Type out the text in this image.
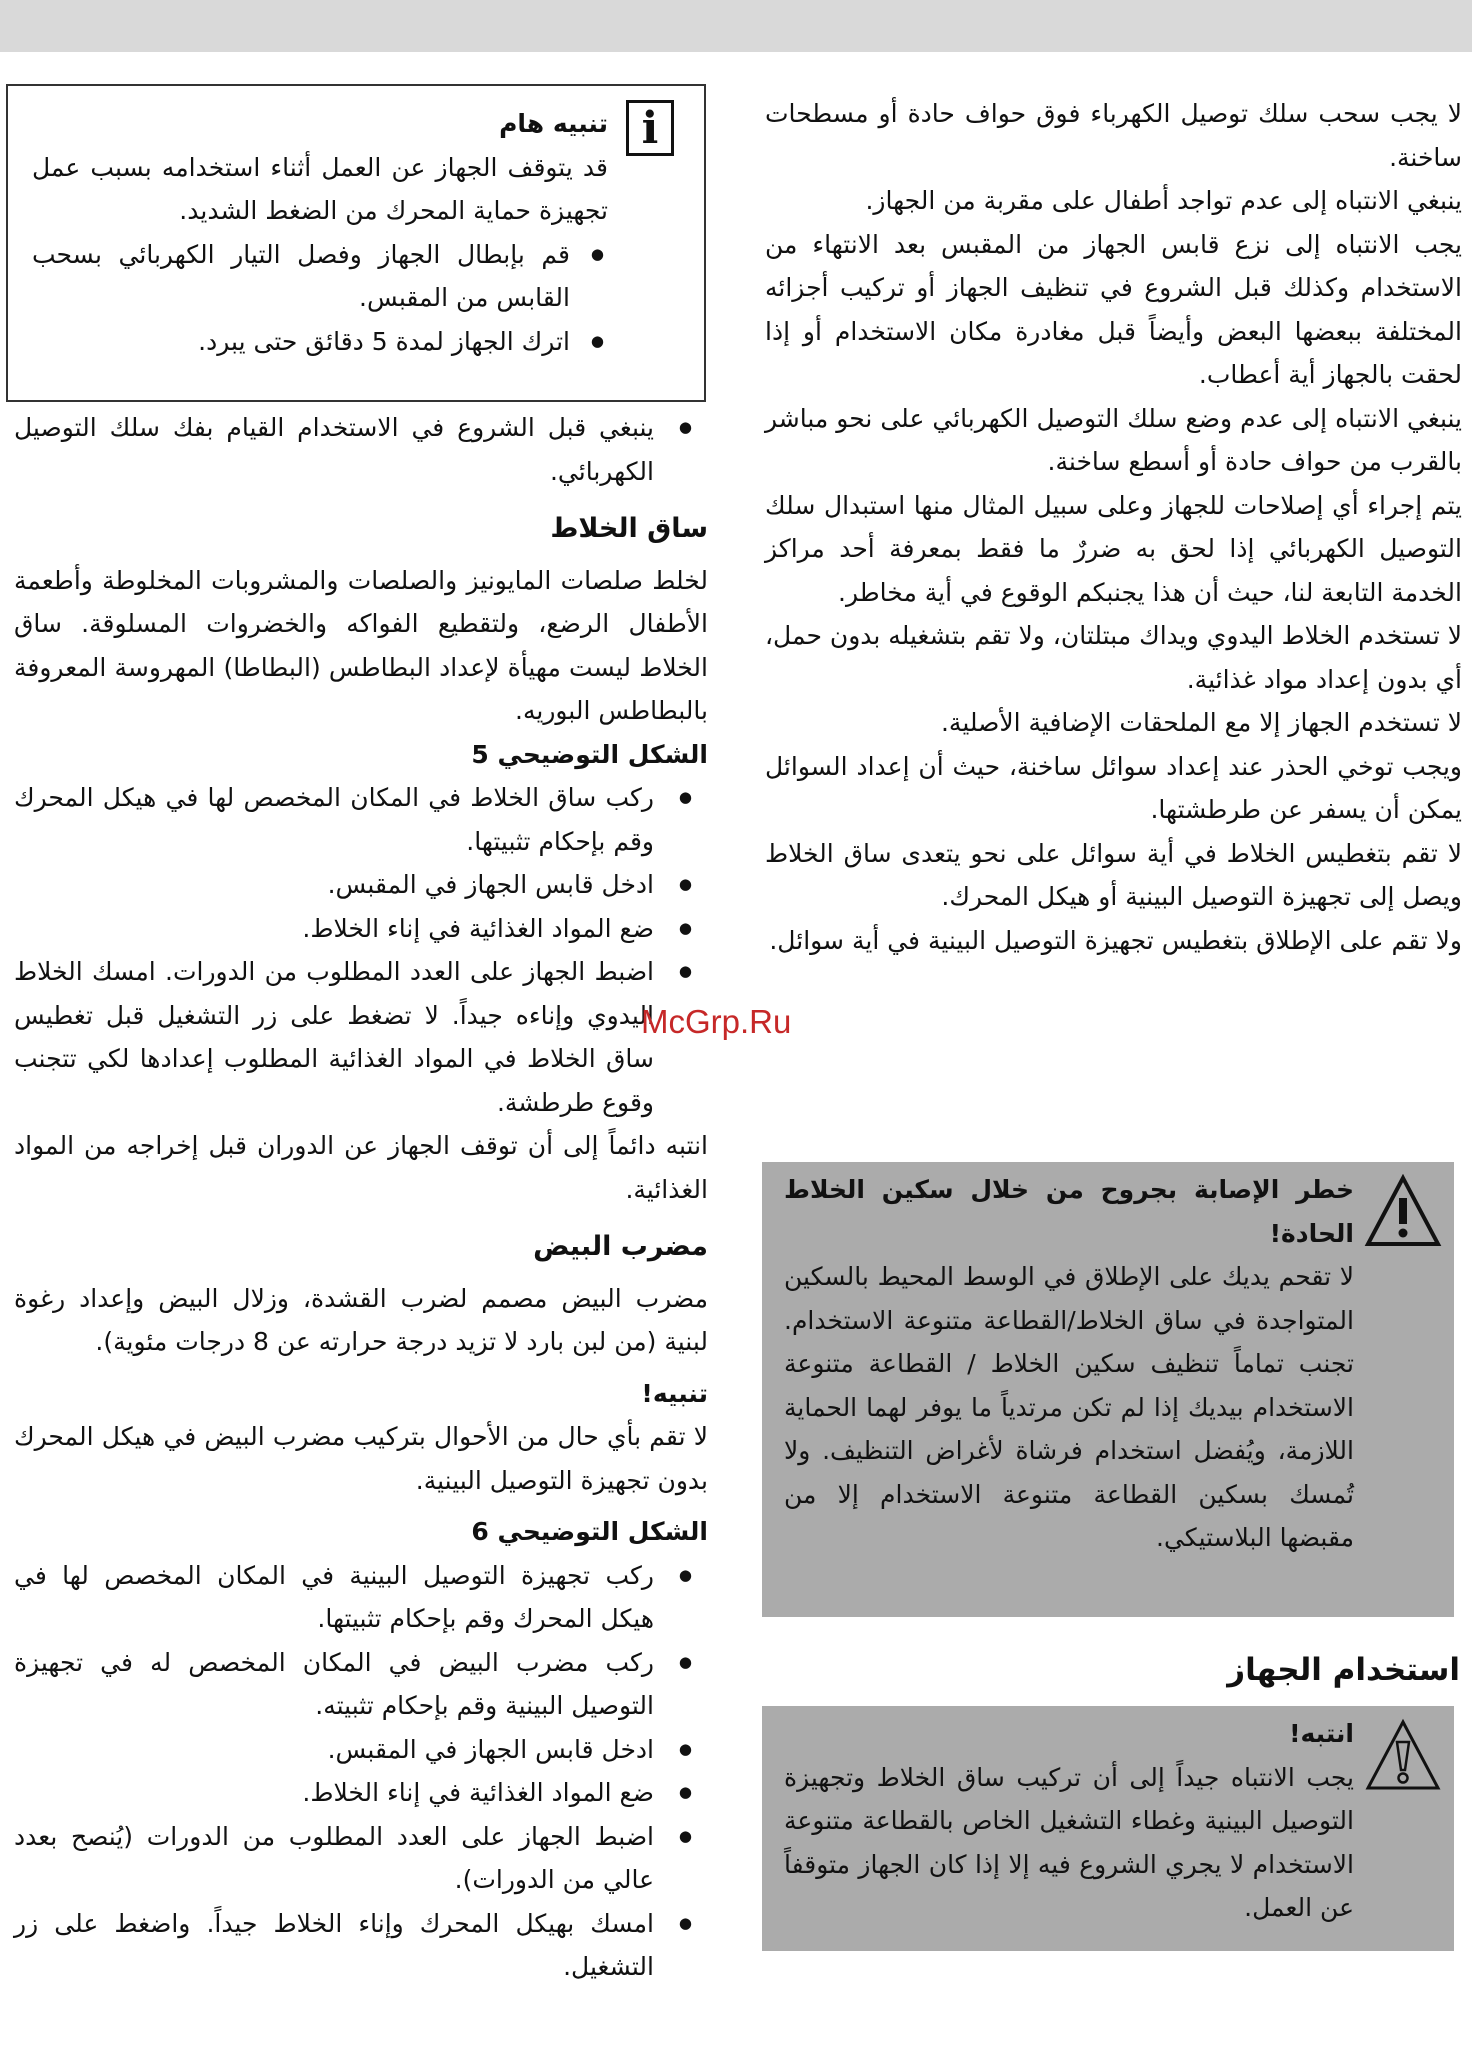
لا يجب سحب سلك توصيل الكهرباء فوق حواف حادة أو مسطحات ساخنة.

ينبغي الانتباه إلى عدم تواجد أطفال على مقربة من الجهاز.

يجب الانتباه إلى نزع قابس الجهاز من المقبس بعد الانتهاء من الاستخدام وكذلك قبل الشروع في تنظيف الجهاز أو تركيب أجزائه المختلفة ببعضها البعض وأيضاً قبل مغادرة مكان الاستخدام أو إذا لحقت بالجهاز أية أعطاب.

ينبغي الانتباه إلى عدم وضع سلك التوصيل الكهربائي على نحو مباشر بالقرب من حواف حادة أو أسطع ساخنة.

يتم إجراء أي إصلاحات للجهاز وعلى سبيل المثال منها استبدال سلك التوصيل الكهربائي إذا لحق به ضررٌ ما فقط بمعرفة أحد مراكز الخدمة التابعة لنا، حيث أن هذا يجنبكم الوقوع في أية مخاطر.

لا تستخدم الخلاط اليدوي ويداك مبتلتان، ولا تقم بتشغيله بدون حمل، أي بدون إعداد مواد غذائية.

لا تستخدم الجهاز إلا مع الملحقات الإضافية الأصلية.

ويجب توخي الحذر عند إعداد سوائل ساخنة، حيث أن إعداد السوائل يمكن أن يسفر عن طرطشتها.

لا تقم بتغطيس الخلاط في أية سوائل على نحو يتعدى ساق الخلاط ويصل إلى تجهيزة التوصيل البينية أو هيكل المحرك.

ولا تقم على الإطلاق بتغطيس تجهيزة التوصيل البينية في أية سوائل.

خطر الإصابة بجروح من خلال سكين الخلاط الحادة!

لا تقحم يديك على الإطلاق في الوسط المحيط بالسكين المتواجدة في ساق الخلاط/القطاعة متنوعة الاستخدام. تجنب تماماً تنظيف سكين الخلاط / القطاعة متنوعة الاستخدام بيديك إذا لم تكن مرتدياً ما يوفر لهما الحماية اللازمة، ويُفضل استخدام فرشاة لأغراض التنظيف. ولا تُمسك بسكين القطاعة متنوعة الاستخدام إلا من مقبضها البلاستيكي.

استخدام الجهاز

انتبه!

يجب الانتباه جيداً إلى أن تركيب ساق الخلاط وتجهيزة التوصيل البينية وغطاء التشغيل الخاص بالقطاعة متنوعة الاستخدام لا يجري الشروع فيه إلا إذا كان الجهاز متوقفاً عن العمل.

i

تنبيه هام

قد يتوقف الجهاز عن العمل أثناء استخدامه بسبب عمل تجهيزة حماية المحرك من الضغط الشديد.

● قم بإبطال الجهاز وفصل التيار الكهربائي بسحب القابس من المقبس.
● اترك الجهاز لمدة 5 دقائق حتى يبرد.
● ينبغي قبل الشروع في الاستخدام القيام بفك سلك التوصيل الكهربائي.

ساق الخلاط

لخلط صلصات المايونيز والصلصات والمشروبات المخلوطة وأطعمة الأطفال الرضع، ولتقطيع الفواكه والخضروات المسلوقة. ساق الخلاط ليست مهيأة لإعداد البطاطس (البطاطا) المهروسة المعروفة بالبطاطس البوريه.

الشكل التوضيحي 5

● ركب ساق الخلاط في المكان المخصص لها في هيكل المحرك وقم بإحكام تثبيتها.
● ادخل قابس الجهاز في المقبس.
● ضع المواد الغذائية في إناء الخلاط.
● اضبط الجهاز على العدد المطلوب من الدورات. امسك الخلاط اليدوي وإناءه جيداً. لا تضغط على زر التشغيل قبل تغطيس ساق الخلاط في المواد الغذائية المطلوب إعدادها لكي تتجنب وقوع طرطشة.

انتبه دائماً إلى أن توقف الجهاز عن الدوران قبل إخراجه من المواد الغذائية.

مضرب البيض

مضرب البيض مصمم لضرب القشدة، وزلال البيض وإعداد رغوة لبنية (من لبن بارد لا تزيد درجة حرارته عن 8 درجات مئوية).

تنبيه!

لا تقم بأي حال من الأحوال بتركيب مضرب البيض في هيكل المحرك بدون تجهيزة التوصيل البينية.

الشكل التوضيحي 6

● ركب تجهيزة التوصيل البينية في المكان المخصص لها في هيكل المحرك وقم بإحكام تثبيتها.
● ركب مضرب البيض في المكان المخصص له في تجهيزة التوصيل البينية وقم بإحكام تثبيته.
● ادخل قابس الجهاز في المقبس.
● ضع المواد الغذائية في إناء الخلاط.
● اضبط الجهاز على العدد المطلوب من الدورات (يُنصح بعدد عالي من الدورات).
● امسك بهيكل المحرك وإناء الخلاط جيداً. واضغط على زر التشغيل.
McGrp.Ru
